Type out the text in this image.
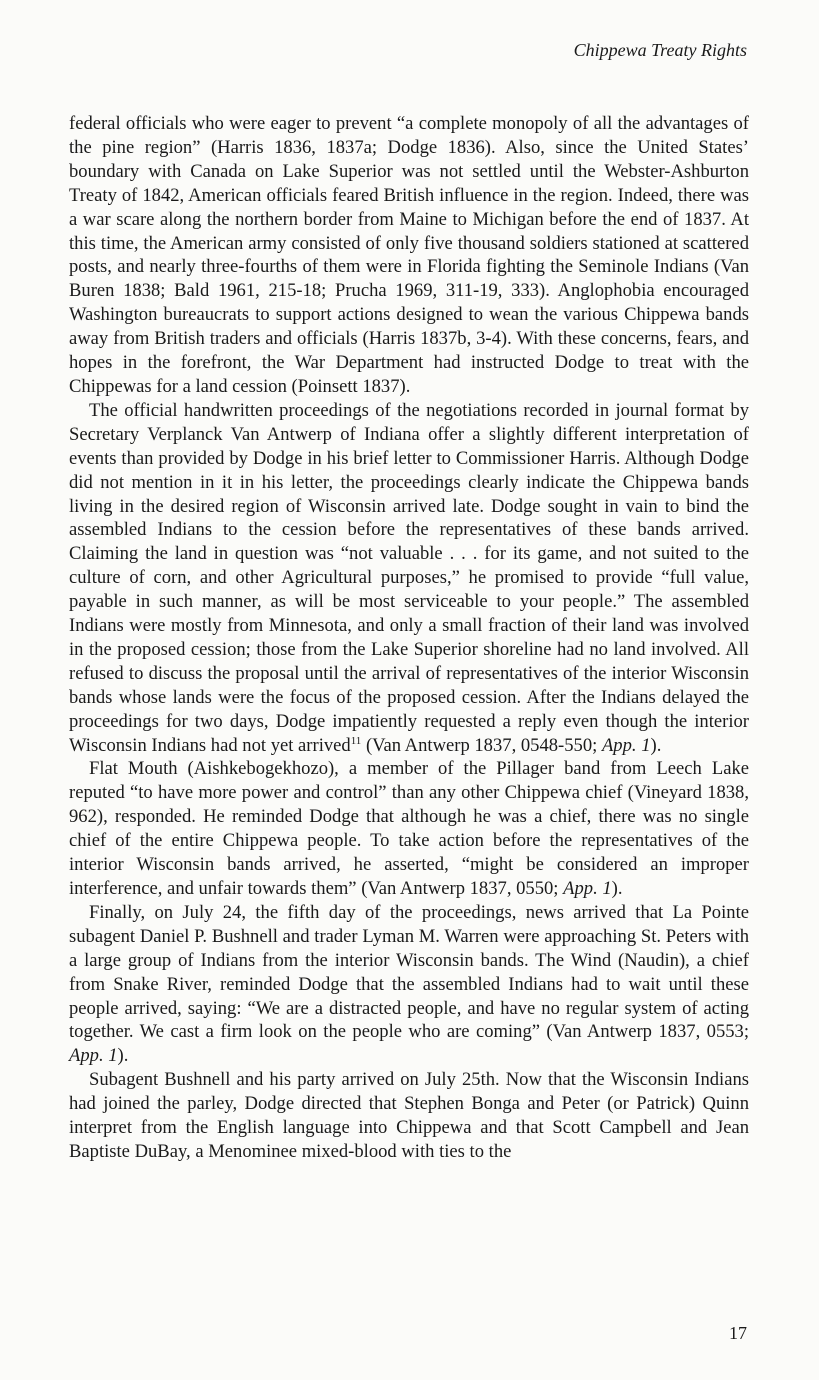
Chippewa Treaty Rights

federal officials who were eager to prevent “a complete monopoly of all the advantages of the pine region” (Harris 1836, 1837a; Dodge 1836). Also, since the United States’ boundary with Canada on Lake Superior was not settled until the Webster-Ashburton Treaty of 1842, American officials feared British influence in the region. Indeed, there was a war scare along the northern border from Maine to Michigan before the end of 1837. At this time, the American army consisted of only five thousand soldiers stationed at scattered posts, and nearly three-fourths of them were in Florida fighting the Seminole Indians (Van Buren 1838; Bald 1961, 215-18; Prucha 1969, 311-19, 333). Anglophobia encouraged Washington bureaucrats to support actions designed to wean the various Chippewa bands away from British traders and officials (Harris 1837b, 3-4). With these concerns, fears, and hopes in the forefront, the War Department had instructed Dodge to treat with the Chippewas for a land cession (Poinsett 1837).

The official handwritten proceedings of the negotiations recorded in journal format by Secretary Verplanck Van Antwerp of Indiana offer a slightly different interpretation of events than provided by Dodge in his brief letter to Commissioner Harris. Although Dodge did not mention in it in his letter, the proceedings clearly indicate the Chippewa bands living in the desired region of Wisconsin arrived late. Dodge sought in vain to bind the assembled Indians to the cession before the representatives of these bands arrived. Claiming the land in question was “not valuable . . . for its game, and not suited to the culture of corn, and other Agricultural purposes,” he promised to provide “full value, payable in such manner, as will be most serviceable to your people.” The assembled Indians were mostly from Minnesota, and only a small fraction of their land was involved in the proposed cession; those from the Lake Superior shoreline had no land involved. All refused to discuss the proposal until the arrival of representatives of the interior Wisconsin bands whose lands were the focus of the proposed cession. After the Indians delayed the proceedings for two days, Dodge impatiently requested a reply even though the interior Wisconsin Indians had not yet arrived$^{11}$ (Van Antwerp 1837, 0548-550; App. 1).

Flat Mouth (Aishkebogekhozo), a member of the Pillager band from Leech Lake reputed “to have more power and control” than any other Chippewa chief (Vineyard 1838, 962), responded. He reminded Dodge that although he was a chief, there was no single chief of the entire Chippewa people. To take action before the representatives of the interior Wisconsin bands arrived, he asserted, “might be considered an improper interference, and unfair towards them” (Van Antwerp 1837, 0550; App. 1).

Finally, on July 24, the fifth day of the proceedings, news arrived that La Pointe subagent Daniel P. Bushnell and trader Lyman M. Warren were approaching St. Peters with a large group of Indians from the interior Wisconsin bands. The Wind (Naudin), a chief from Snake River, reminded Dodge that the assembled Indians had to wait until these people arrived, saying: “We are a distracted people, and have no regular system of acting together. We cast a firm look on the people who are coming” (Van Antwerp 1837, 0553; App. 1).

Subagent Bushnell and his party arrived on July 25th. Now that the Wisconsin Indians had joined the parley, Dodge directed that Stephen Bonga and Peter (or Patrick) Quinn interpret from the English language into Chippewa and that Scott Campbell and Jean Baptiste DuBay, a Menominee mixed-blood with ties to the

17
